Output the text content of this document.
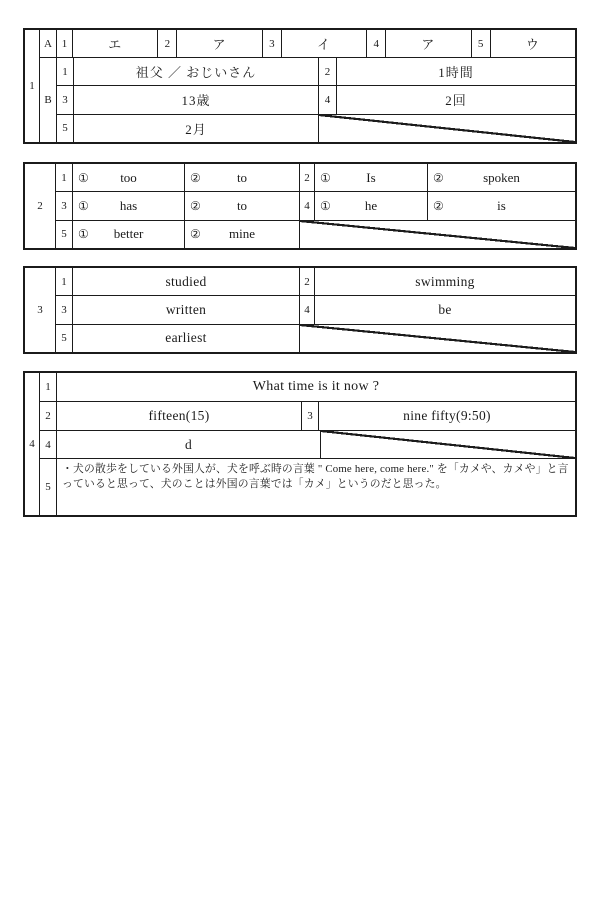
1
A 1	エ	2	ア	3	イ	4	ア	5	ウ
B
1	祖父 ／ おじいさん	2	1時間
3	13歳	4	2回
5	2月
2
1 ①	too	②	to	2 ①	Is	②	spoken
3 ①	has	②	to	4 ①	he	②	is
5 ①	better	②	mine
3
1	studied	2	swimming
3	written	4	be
5	earliest
4
1	What time is it now ?
2	fifteen(15)	3	nine fifty(9:50)
4	d
5
・犬の散歩をしている外国人が、犬を呼ぶ時の言葉 " Come here, come here." を「カメや、カメや」と言っていると思って、犬のことは外国の言葉では「カメ」というのだと思った。
